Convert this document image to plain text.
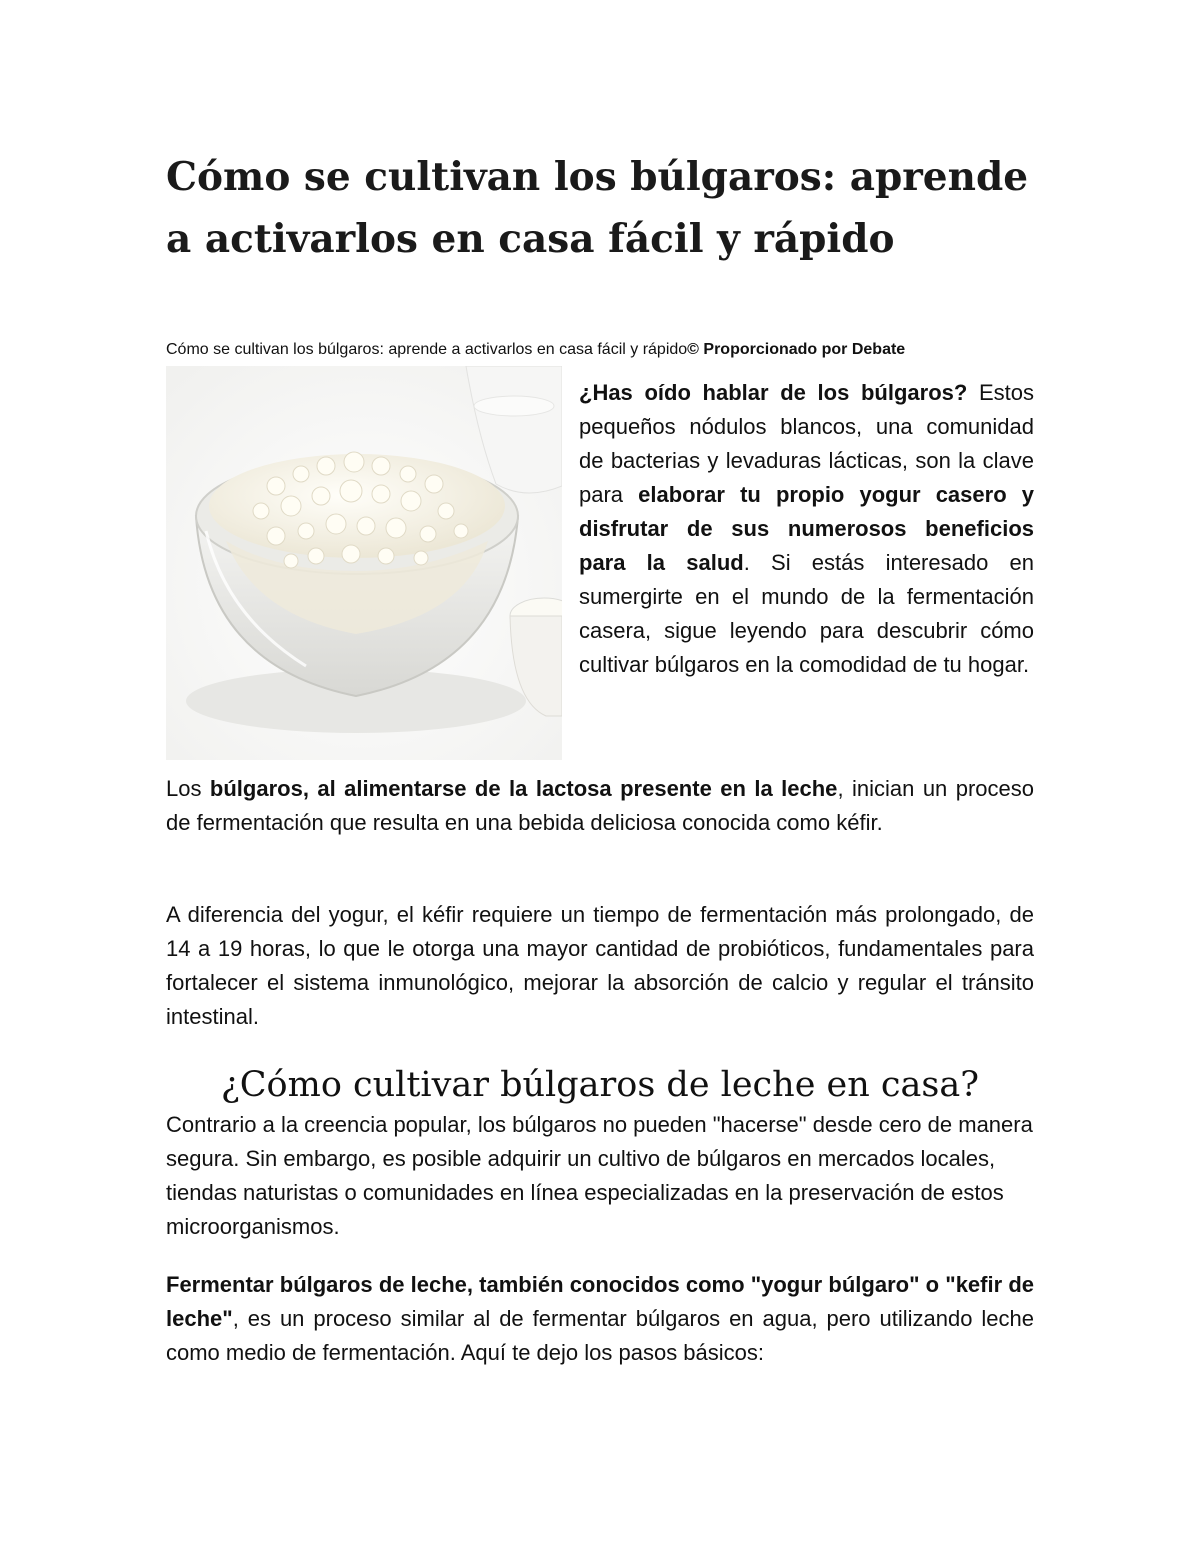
Cómo se cultivan los búlgaros: aprende a activarlos en casa fácil y rápido
Cómo se cultivan los búlgaros: aprende a activarlos en casa fácil y rápido© Proporcionado por Debate

¿Has oído hablar de los búlgaros? Estos pequeños nódulos blancos, una comunidad de bacterias y levaduras lácticas, son la clave para elaborar tu propio yogur casero y disfrutar de sus numerosos beneficios para la salud. Si estás interesado en sumergirte en el mundo de la fermentación casera, sigue leyendo para descubrir cómo cultivar búlgaros en la comodidad de tu hogar.

Los búlgaros, al alimentarse de la lactosa presente en la leche, inician un proceso de fermentación que resulta en una bebida deliciosa conocida como kéfir.

A diferencia del yogur, el kéfir requiere un tiempo de fermentación más prolongado, de 14 a 19 horas, lo que le otorga una mayor cantidad de probióticos, fundamentales para fortalecer el sistema inmunológico, mejorar la absorción de calcio y regular el tránsito intestinal.

¿Cómo cultivar búlgaros de leche en casa?

Contrario a la creencia popular, los búlgaros no pueden "hacerse" desde cero de manera segura. Sin embargo, es posible adquirir un cultivo de búlgaros en mercados locales, tiendas naturistas o comunidades en línea especializadas en la preservación de estos microorganismos.

Fermentar búlgaros de leche, también conocidos como "yogur búlgaro" o "kefir de leche", es un proceso similar al de fermentar búlgaros en agua, pero utilizando leche como medio de fermentación. Aquí te dejo los pasos básicos:
